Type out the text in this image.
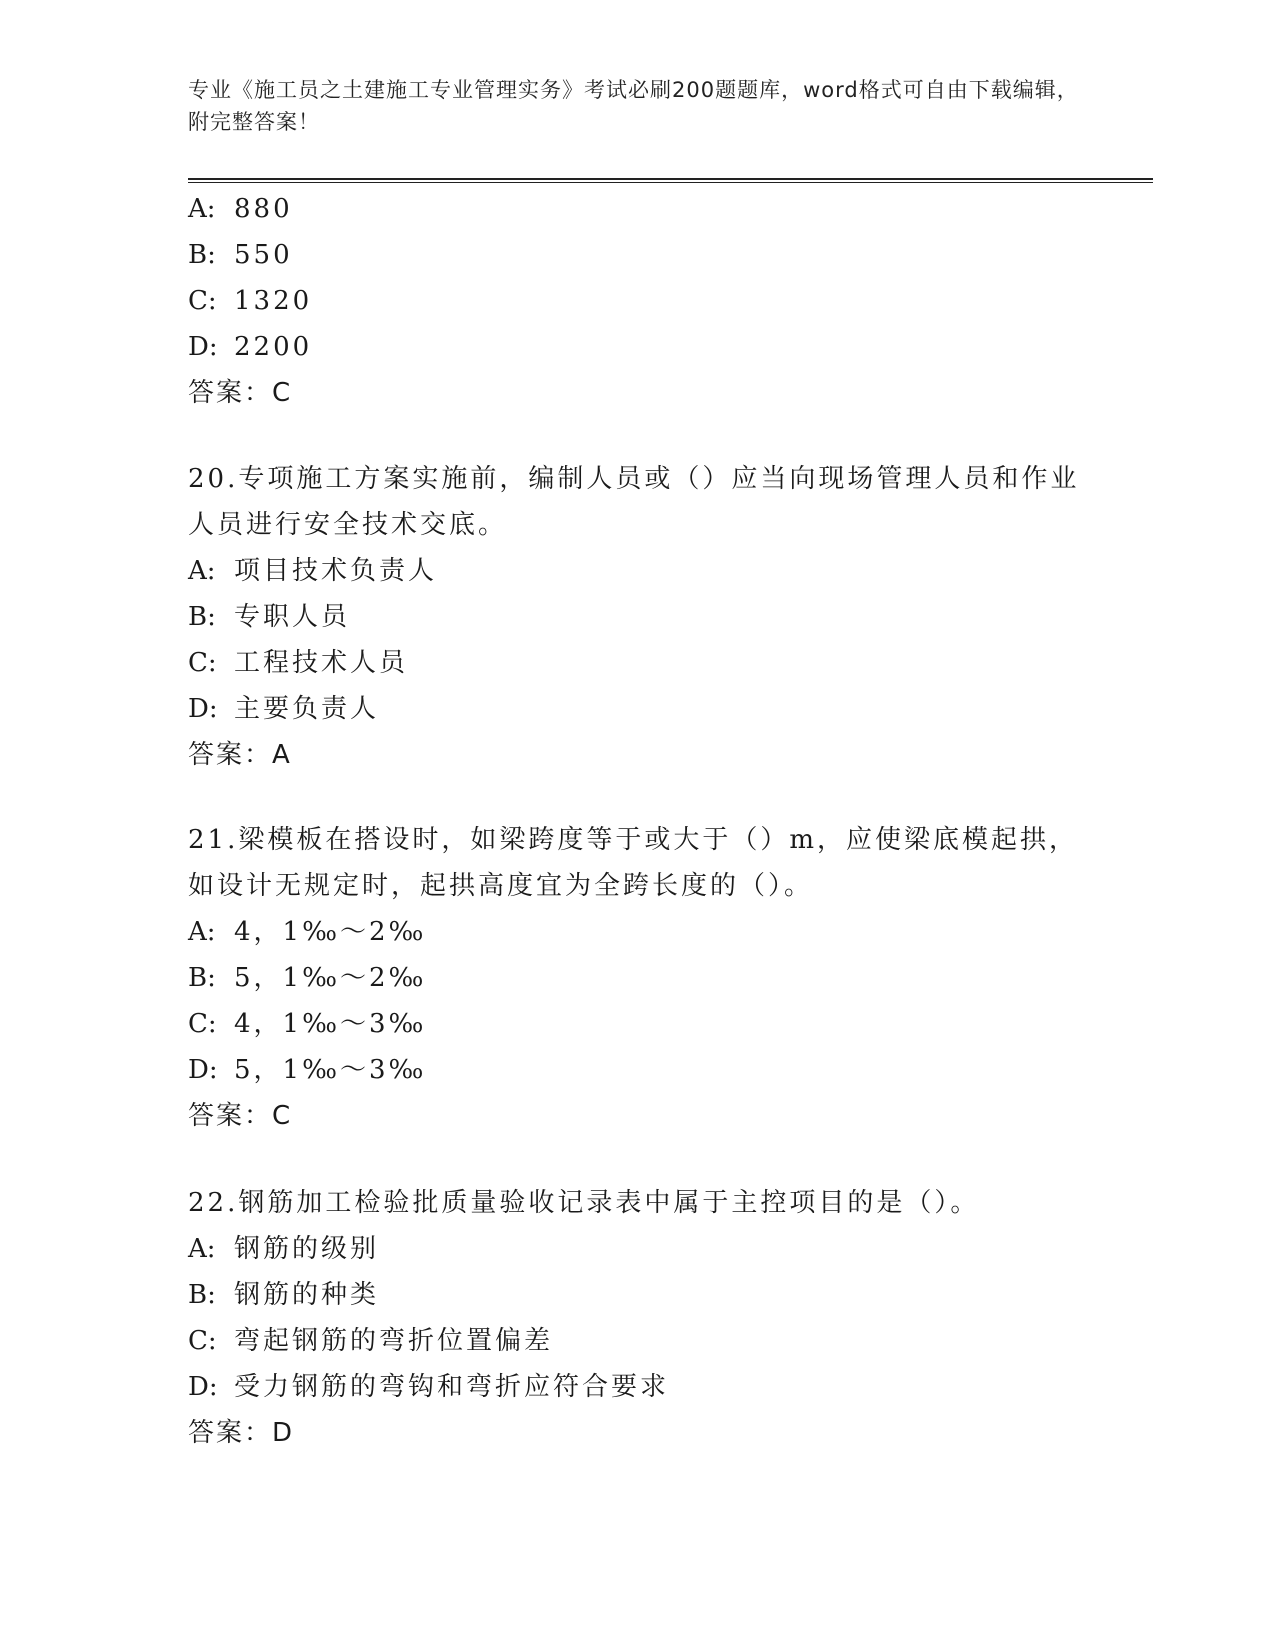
专业《施工员之土建施工专业管理实务》考试必刷200题题库，word格式可自由下载编辑，附完整答案！
A: 880
B: 550
C: 1320
D: 2200
答案：C
20.专项施工方案实施前，编制人员或（）应当向现场管理人员和作业
人员进行安全技术交底。
A: 项目技术负责人
B: 专职人员
C: 工程技术人员
D: 主要负责人
答案：A
21.梁模板在搭设时，如梁跨度等于或大于（）m，应使梁底模起拱，
如设计无规定时，起拱高度宜为全跨长度的（）。
A: 4，1‰～2‰
B: 5，1‰～2‰
C: 4，1‰～3‰
D: 5，1‰～3‰
答案：C
22.钢筋加工检验批质量验收记录表中属于主控项目的是（）。
A: 钢筋的级别
B: 钢筋的种类
C: 弯起钢筋的弯折位置偏差
D: 受力钢筋的弯钩和弯折应符合要求
答案：D
